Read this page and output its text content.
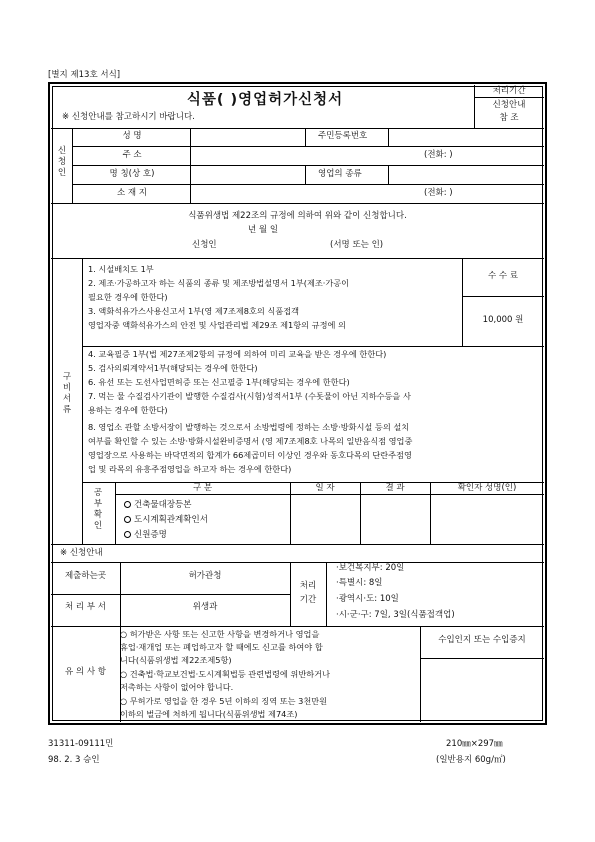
[별지 제13호 서식]
식품( )영업허가신청서
※ 신청안내를 참고하시기 바랍니다.
처리기간
신청안내
참 조
신
청
인
성 명	주민등록번호
주 소	(전화: )
명 칭(상 호)	영업의 종류
소 재 지	(전화: )
식품위생법 제22조의 규정에 의하여 위와 같이 신청합니다.
년 월 일
신청인	(서명 또는 인)
구
비
서
류
수 수 료
10,000 원
1. 시설배치도 1부
2. 제조·가공하고자 하는 식품의 종류 및 제조방법설명서 1부(제조·가공이
필요한 경우에 한한다)
3. 액화석유가스사용신고서 1부(영 제7조제8호의 식품접객
영업자중 액화석유가스의 안전 및 사업관리법 제29조 제1항의 규정에 의
4. 교육필증 1부(법 제27조제2항의 규정에 의하여 미리 교육을 받은 경우에 한한다)
5. 검사의뢰계약서1부(해당되는 경우에 한한다)
6. 유선 또는 도선사업면허증 또는 신고필증 1부(해당되는 경우에 한한다)
7. 먹는 물 수질검사기관이 발행한 수질검사(시험)성적서1부 (수돗물이 아닌 지하수등을 사
용하는 경우에 한한다)
8. 영업소 관할 소방서장이 발행하는 것으로서 소방법령에 정하는 소방·방화시설 등의 설치
여부를 확인할 수 있는 소방·방화시설완비증명서 (영 제7조제8호 나목의 일반음식점 영업중
영업장으로 사용하는 바닥면적의 합계가 66제곱미터 이상인 경우와 동호다목의 단란주점영
업 및 라목의 유흥주점영업을 하고자 하는 경우에 한한다)
공
부
확
인
구 분	일 자	결 과	확인자 성명(인)
건축물대장등본
도시계획관계확인서
신원증명
※ 신청안내
제출하는곳	허가관청
처 리 부 서	위생과
처리
기간
·보건복지부: 20일
·특별시: 8일
·광역시·도: 10일
·시·군·구: 7일, 3일(식품접객업)
수입인지 또는 수입증지
유 의 사 항
○ 허가받은 사항 또는 신고한 사항을 변경하거나 영업을
휴업·재개업 또는 폐업하고자 할 때에도 신고를 하여야 합
니다(식품위생법 제22조제5항)
○ 건축법·학교보건법·도시계획법등 관련법령에 위반하거나
저촉하는 사항이 없어야 합니다.
○ 무허가로 영업을 한 경우 5년 이하의 징역 또는 3천만원
이하의 벌금에 처하게 됩니다(식품위생법 제74조)
31311-09111민
98. 2. 3 승인
210㎜×297㎜
(일반용지 60g/㎡)
